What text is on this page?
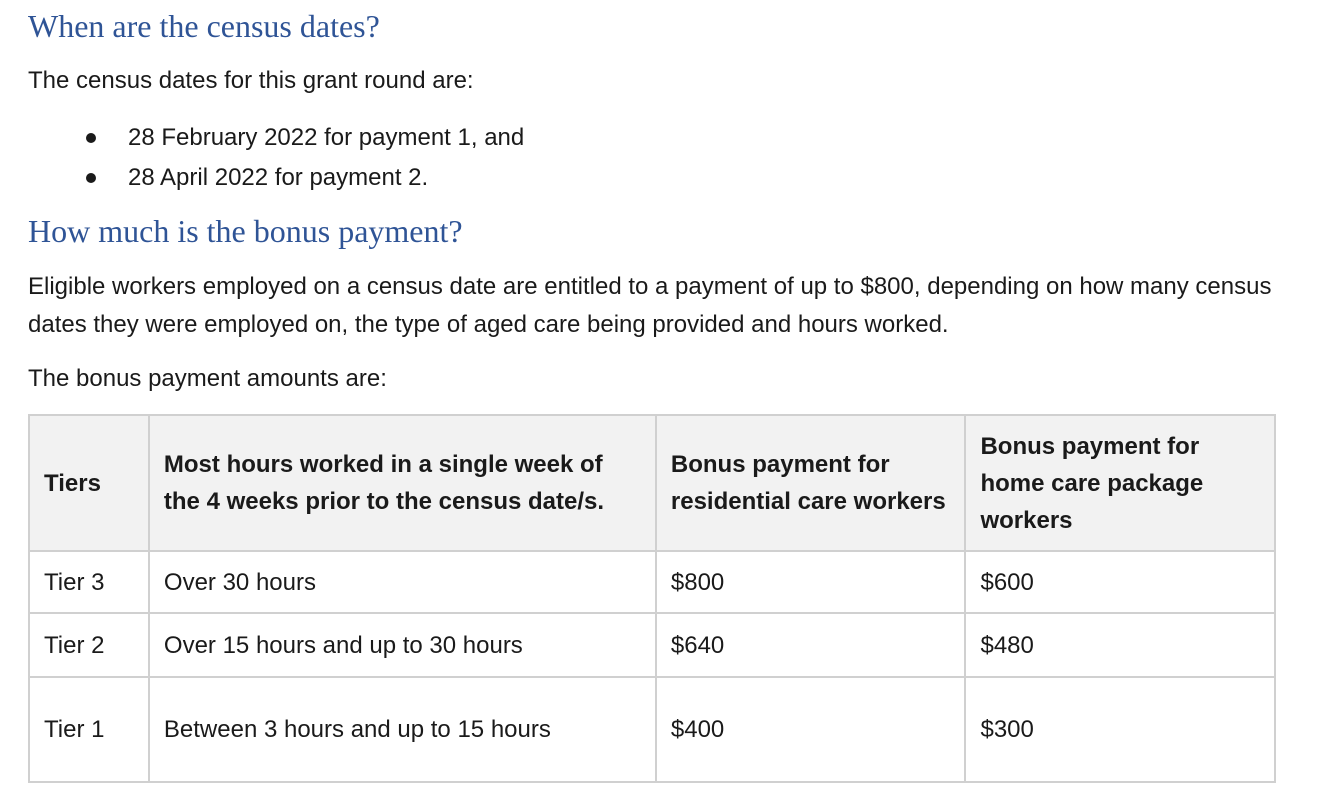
When are the census dates?

The census dates for this grant round are:

28 February 2022 for payment 1, and
28 April 2022 for payment 2.
How much is the bonus payment?

Eligible workers employed on a census date are entitled to a payment of up to $800, depending on how many census dates they were employed on, the type of aged care being provided and hours worked.

The bonus payment amounts are:

Tiers	Most hours worked in a single week of the 4 weeks prior to the census date/s.	Bonus payment for residential care workers	Bonus payment for home care package workers
Tier 3	Over 30 hours	$800	$600
Tier 2	Over 15 hours and up to 30 hours	$640	$480
Tier 1	Between 3 hours and up to 15 hours	$400	$300
